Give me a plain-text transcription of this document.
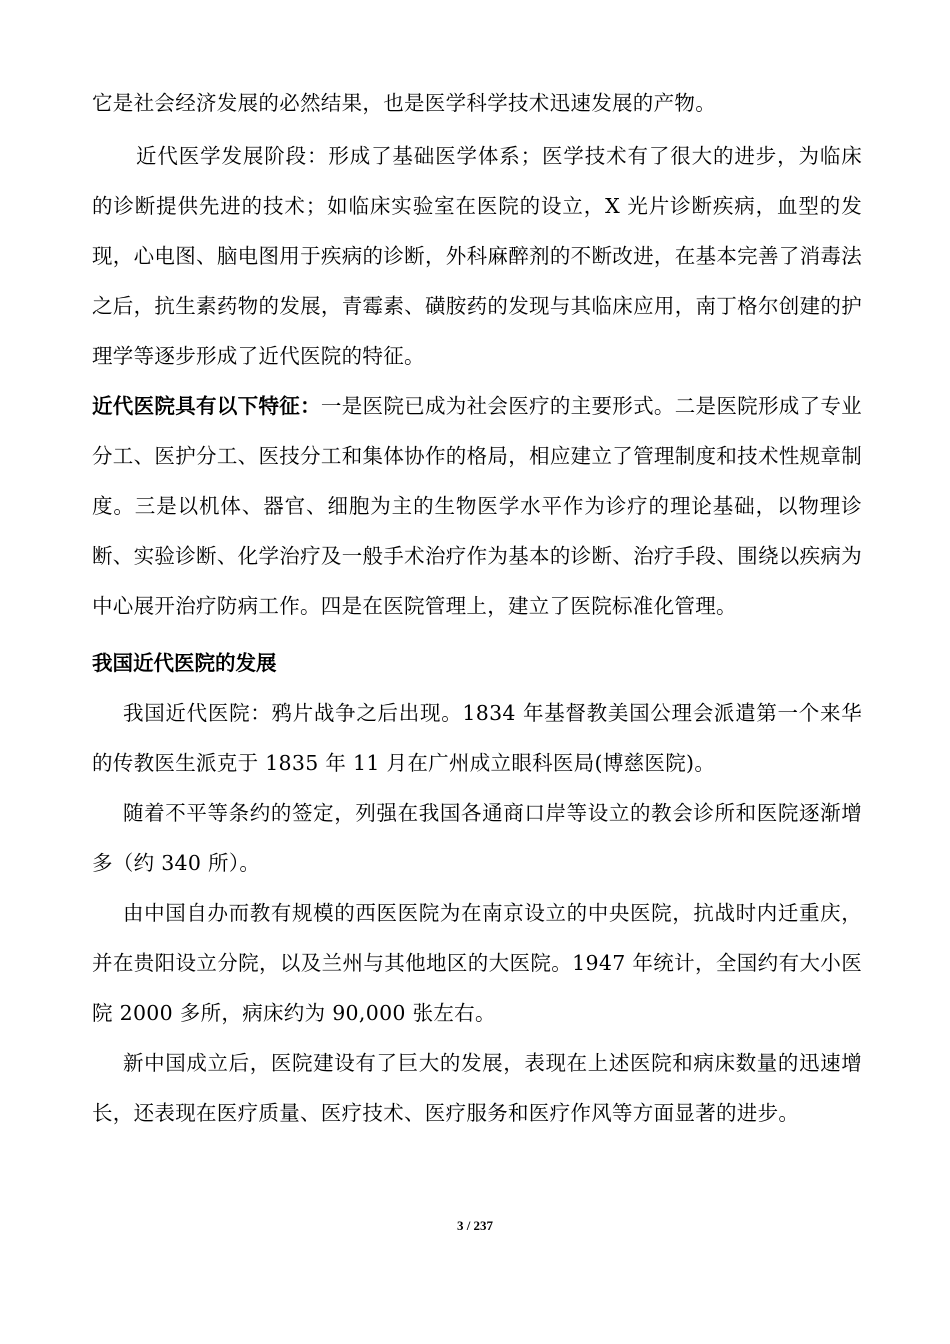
它是社会经济发展的必然结果，也是医学科学技术迅速发展的产物。

近代医学发展阶段：形成了基础医学体系；医学技术有了很大的进步，为临床的诊断提供先进的技术；如临床实验室在医院的设立，X 光片诊断疾病，血型的发现，心电图、脑电图用于疾病的诊断，外科麻醉剂的不断改进，在基本完善了消毒法之后，抗生素药物的发展，青霉素、磺胺药的发现与其临床应用，南丁格尔创建的护理学等逐步形成了近代医院的特征。

近代医院具有以下特征：一是医院已成为社会医疗的主要形式。二是医院形成了专业分工、医护分工、医技分工和集体协作的格局，相应建立了管理制度和技术性规章制度。三是以机体、器官、细胞为主的生物医学水平作为诊疗的理论基础，以物理诊断、实验诊断、化学治疗及一般手术治疗作为基本的诊断、治疗手段、围绕以疾病为中心展开治疗防病工作。四是在医院管理上，建立了医院标准化管理。

我国近代医院的发展

我国近代医院：鸦片战争之后出现。1834 年基督教美国公理会派遣第一个来华的传教医生派克于 1835 年 11 月在广州成立眼科医局(博慈医院)。

随着不平等条约的签定，列强在我国各通商口岸等设立的教会诊所和医院逐渐增多（约 340 所）。

由中国自办而教有规模的西医医院为在南京设立的中央医院，抗战时内迁重庆，并在贵阳设立分院，以及兰州与其他地区的大医院。1947 年统计，全国约有大小医院 2000 多所，病床约为 90,000 张左右。

新中国成立后，医院建设有了巨大的发展，表现在上述医院和病床数量的迅速增长，还表现在医疗质量、医疗技术、医疗服务和医疗作风等方面显著的进步。

3 / 237
